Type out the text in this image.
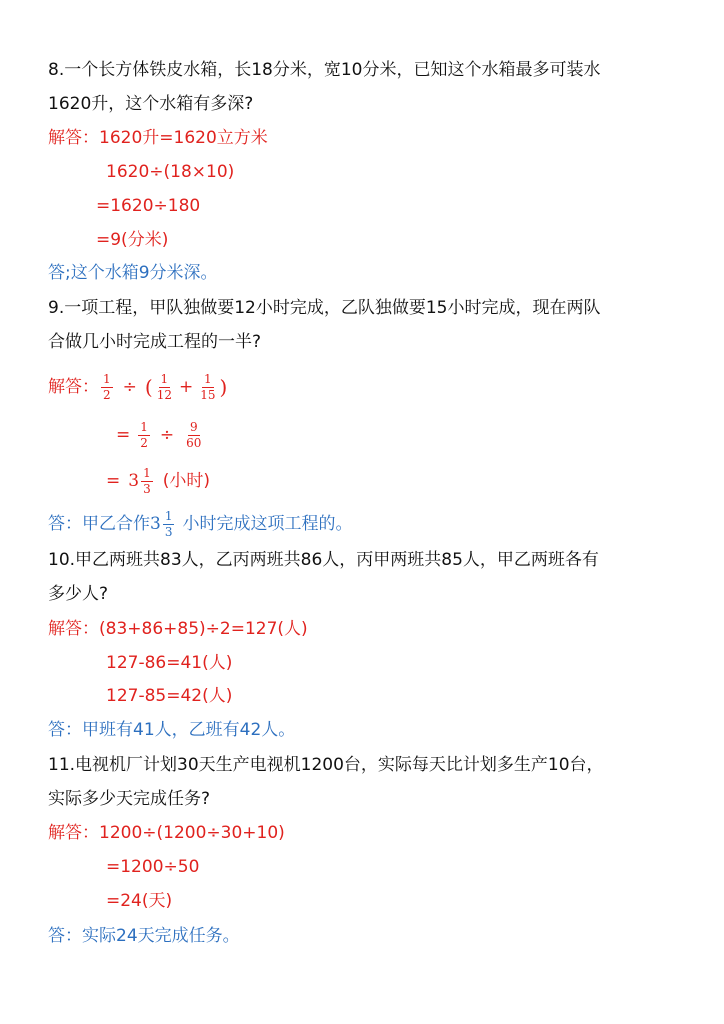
8.一个长方体铁皮水箱，长18分米，宽10分米，已知这个水箱最多可装水
1620升，这个水箱有多深?
解答：1620升=1620立方米
1620÷(18×10)
=1620÷180
=9(分米)
答;这个水箱9分米深。
9.一项工程，甲队独做要12小时完成，乙队独做要15小时完成，现在两队
合做几小时完成工程的一半?
解答： $\frac{1}{2}$ ÷ ( $\frac{1}{12} + \frac{1}{15}$ )
= $\frac{1}{2} \div \frac{9}{60}$
= $3 \frac{1}{3}$ (小时)
答：甲乙合作 $3 \frac{1}{3}$ 小时完成这项工程的。
10.甲乙两班共83人，乙丙两班共86人，丙甲两班共85人，甲乙两班各有
多少人?
解答：(83+86+85)÷2=127(人)
127-86=41(人)
127-85=42(人)
答：甲班有41人，乙班有42人。
11.电视机厂计划30天生产电视机1200台，实际每天比计划多生产10台，
实际多少天完成任务?
解答：1200÷(1200÷30+10)
=1200÷50
=24(天)
答：实际24天完成任务。
